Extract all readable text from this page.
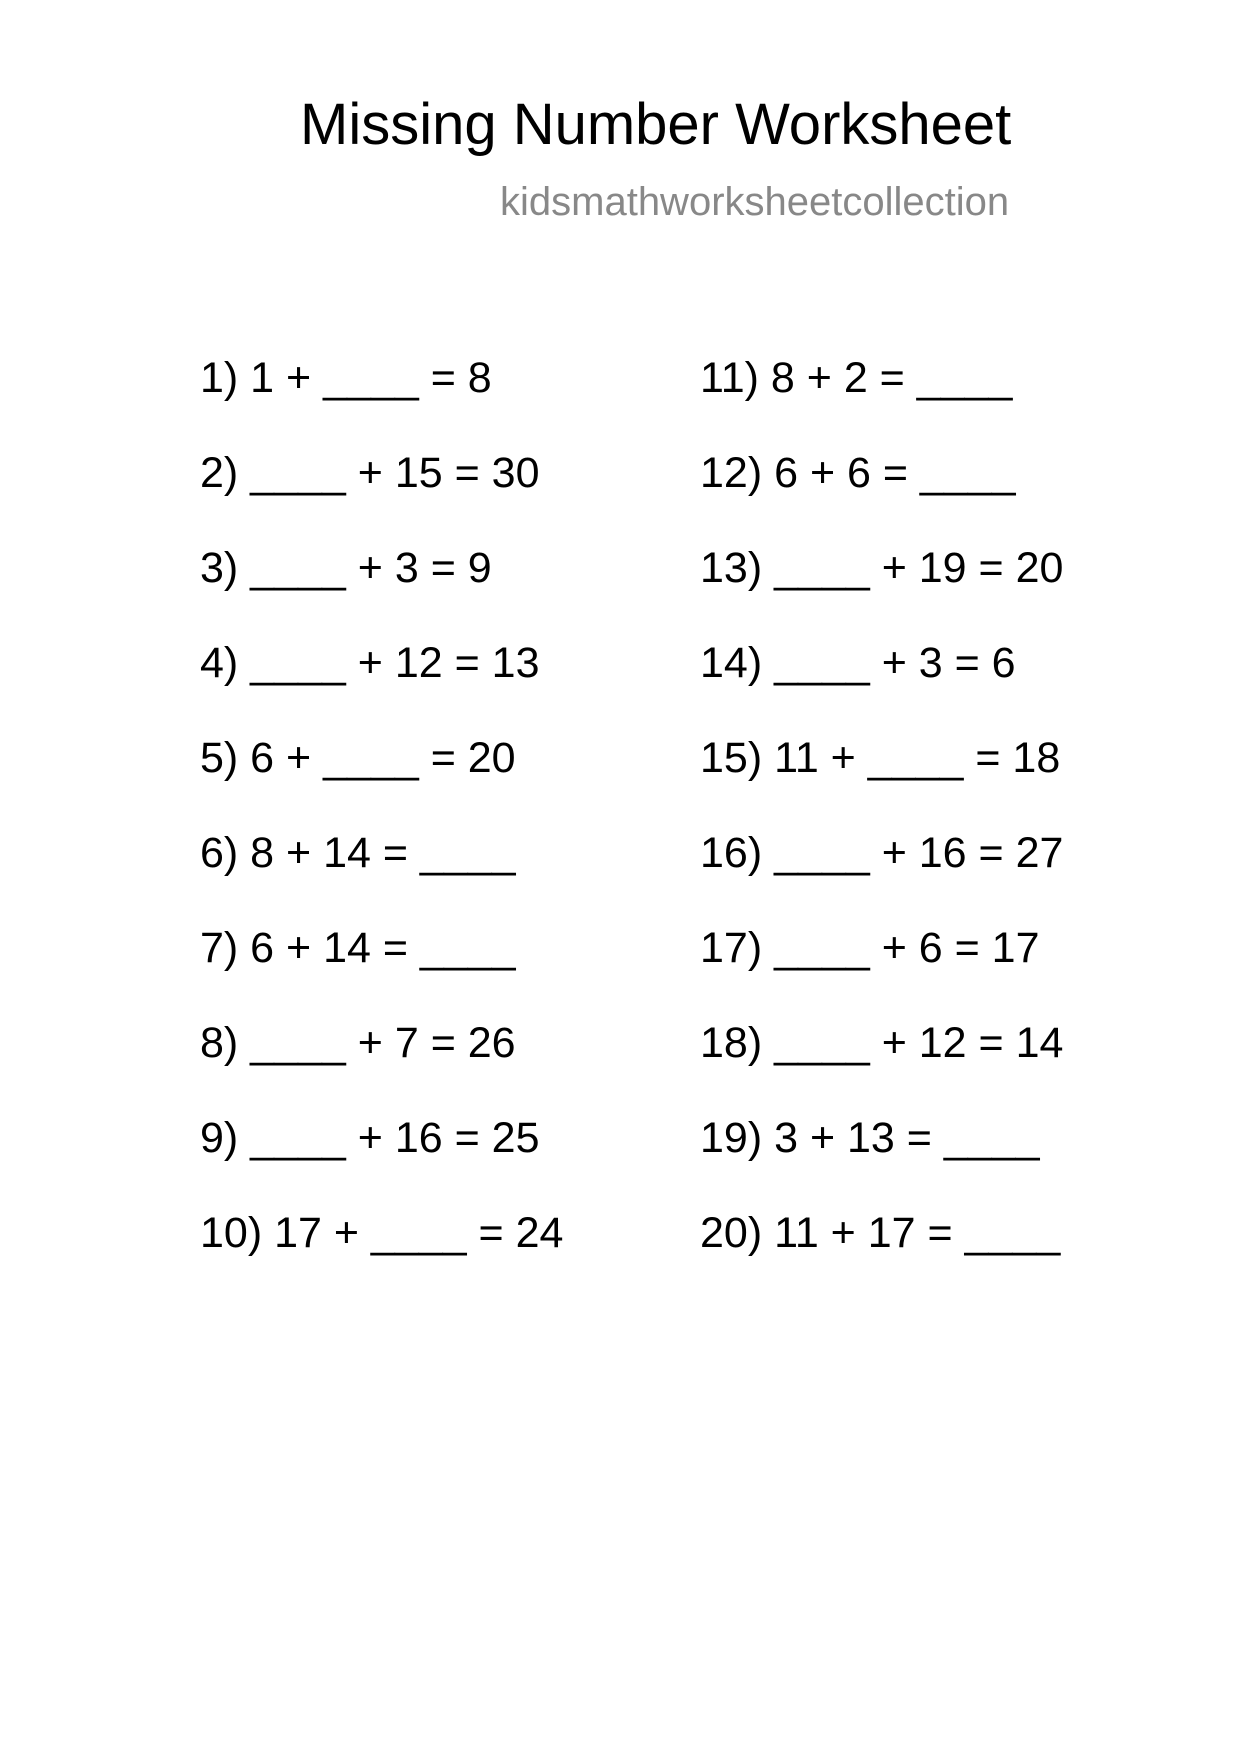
Missing Number Worksheet
kidsmathworksheetcollection
1) 1 + ____ = 8
2) ____ + 15 = 30
3) ____ + 3 = 9
4) ____ + 12 = 13
5) 6 + ____ = 20
6) 8 + 14 = ____
7) 6 + 14 = ____
8) ____ + 7 = 26
9) ____ + 16 = 25
10) 17 + ____ = 24
11) 8 + 2 = ____
12) 6 + 6 = ____
13) ____ + 19 = 20
14) ____ + 3 = 6
15) 11 + ____ = 18
16) ____ + 16 = 27
17) ____ + 6 = 17
18) ____ + 12 = 14
19) 3 + 13 = ____
20) 11 + 17 = ____
